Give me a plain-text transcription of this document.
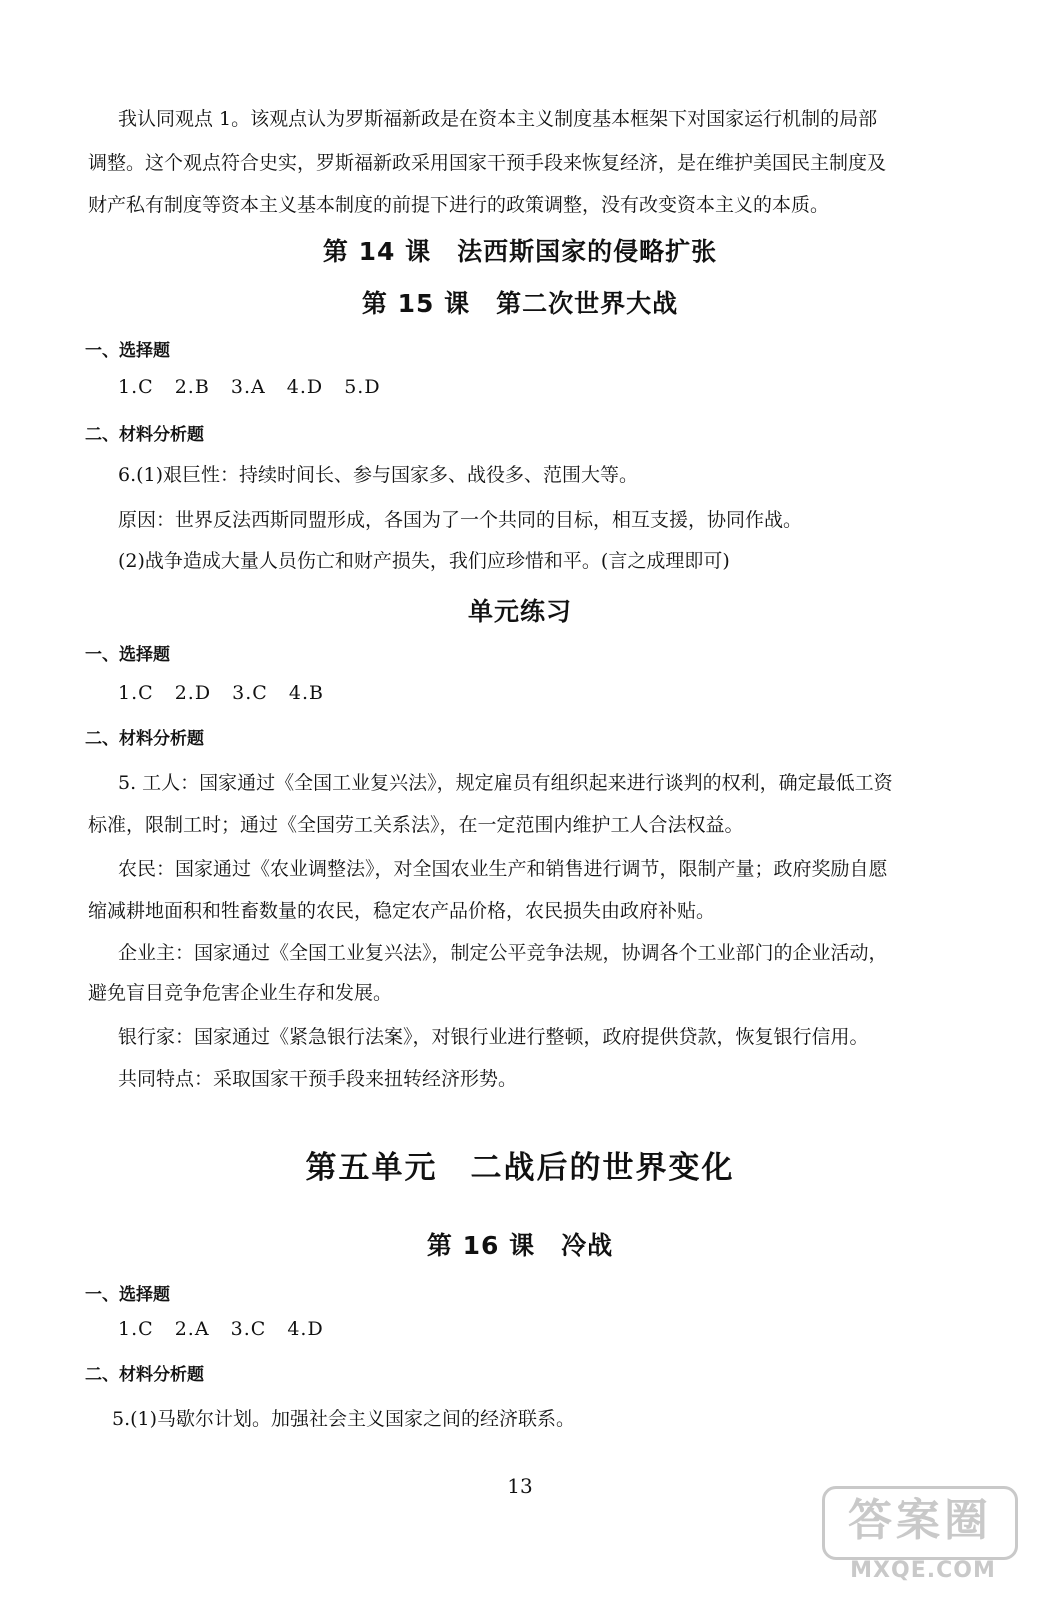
我认同观点 1。该观点认为罗斯福新政是在资本主义制度基本框架下对国家运行机制的局部
调整。这个观点符合史实，罗斯福新政采用国家干预手段来恢复经济，是在维护美国民主制度及
财产私有制度等资本主义基本制度的前提下进行的政策调整，没有改变资本主义的本质。
第 14 课　法西斯国家的侵略扩张
第 15 课　第二次世界大战
一、选择题
1.C 2.B 3.A 4.D 5.D
二、材料分析题
6.(1)艰巨性：持续时间长、参与国家多、战役多、范围大等。
原因：世界反法西斯同盟形成，各国为了一个共同的目标，相互支援，协同作战。
(2)战争造成大量人员伤亡和财产损失，我们应珍惜和平。(言之成理即可)
单元练习
一、选择题
1.C 2.D 3.C 4.B
二、材料分析题
5. 工人：国家通过《全国工业复兴法》，规定雇员有组织起来进行谈判的权利，确定最低工资
标准，限制工时；通过《全国劳工关系法》，在一定范围内维护工人合法权益。
农民：国家通过《农业调整法》，对全国农业生产和销售进行调节，限制产量；政府奖励自愿
缩减耕地面积和牲畜数量的农民，稳定农产品价格，农民损失由政府补贴。
企业主：国家通过《全国工业复兴法》，制定公平竞争法规，协调各个工业部门的企业活动，
避免盲目竞争危害企业生存和发展。
银行家：国家通过《紧急银行法案》，对银行业进行整顿，政府提供贷款，恢复银行信用。
共同特点：采取国家干预手段来扭转经济形势。
第五单元　二战后的世界变化
第 16 课　冷战
一、选择题
1.C 2.A 3.C 4.D
二、材料分析题
5.(1)马歇尔计划。加强社会主义国家之间的经济联系。
13
答案圈
MXQE.COM
